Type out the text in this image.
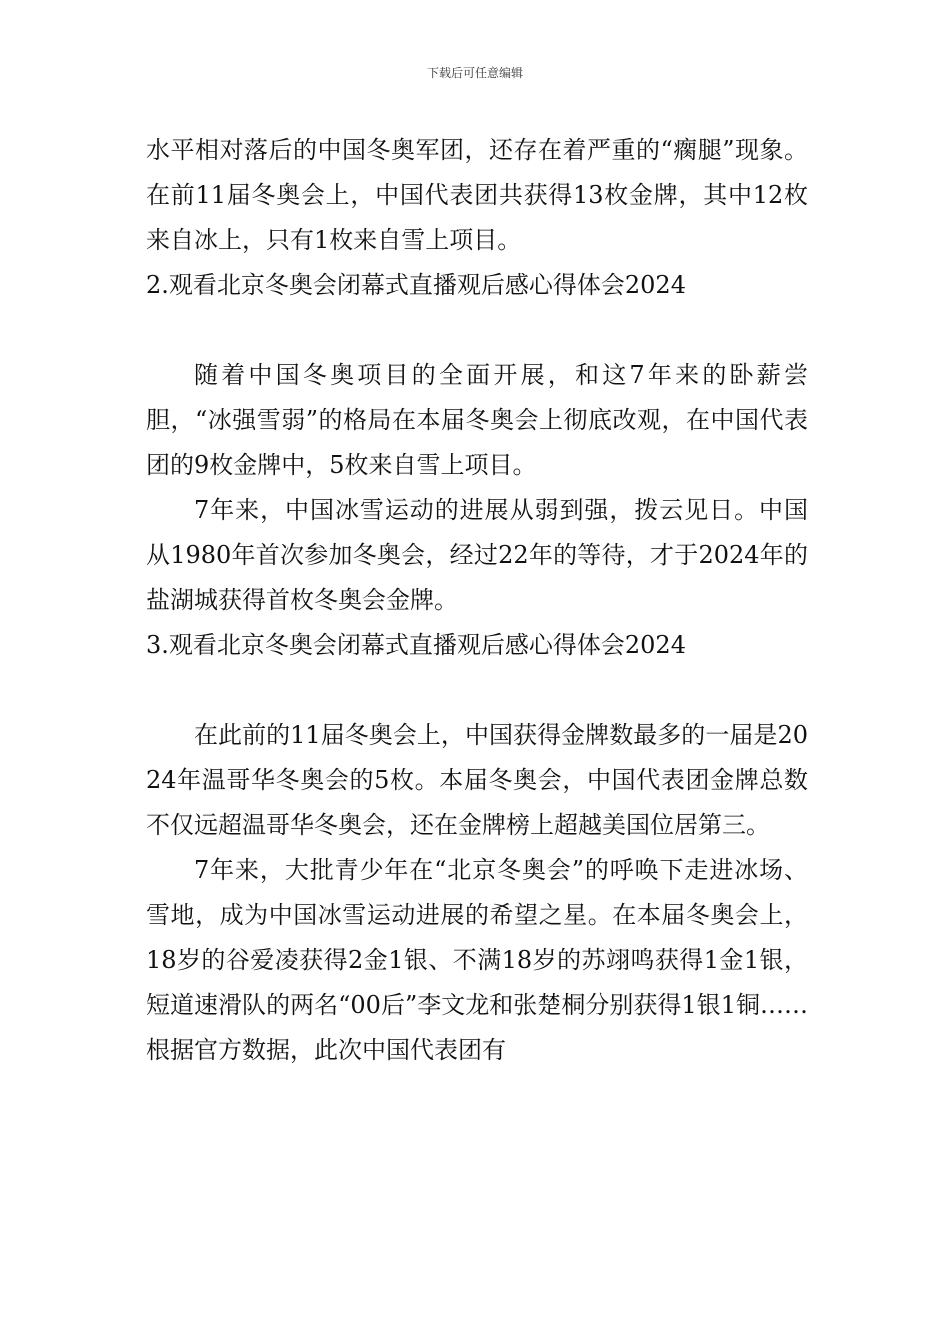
下载后可任意编辑

水平相对落后的中国冬奥军团，还存在着严重的“瘸腿”现象。在前11届冬奥会上，中国代表团共获得13枚金牌，其中12枚来自冰上，只有1枚来自雪上项目。

2.观看北京冬奥会闭幕式直播观后感心得体会2024

随着中国冬奥项目的全面开展，和这7年来的卧薪尝胆，“冰强雪弱”的格局在本届冬奥会上彻底改观，在中国代表团的9枚金牌中，5枚来自雪上项目。

7年来，中国冰雪运动的进展从弱到强，拨云见日。中国从1980年首次参加冬奥会，经过22年的等待，才于2024年的盐湖城获得首枚冬奥会金牌。

3.观看北京冬奥会闭幕式直播观后感心得体会2024

在此前的11届冬奥会上，中国获得金牌数最多的一届是2024年温哥华冬奥会的5枚。本届冬奥会，中国代表团金牌总数不仅远超温哥华冬奥会，还在金牌榜上超越美国位居第三。

7年来，大批青少年在“北京冬奥会”的呼唤下走进冰场、雪地，成为中国冰雪运动进展的希望之星。在本届冬奥会上，18岁的谷爱凌获得2金1银、不满18岁的苏翊鸣获得1金1银，短道速滑队的两名“00后”李文龙和张楚桐分别获得1银1铜……根据官方数据，此次中国代表团有
